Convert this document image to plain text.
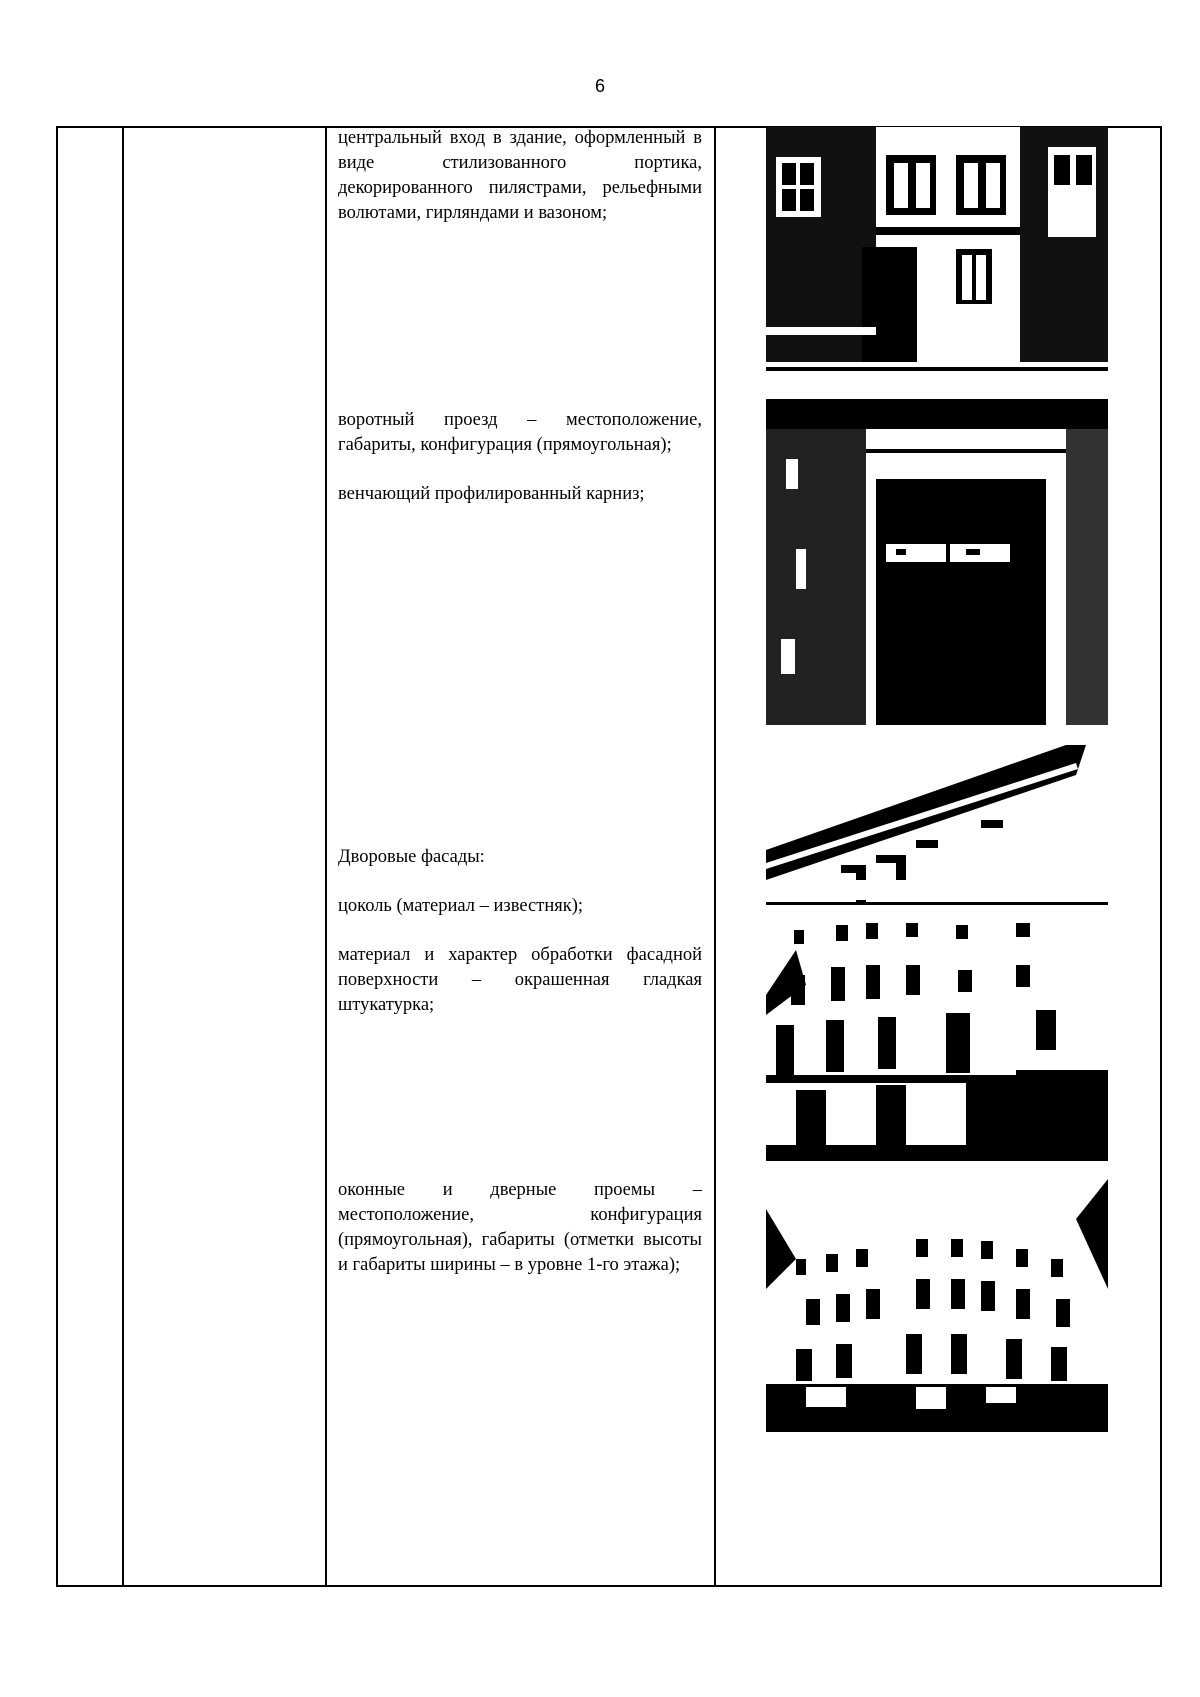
6

центральный вход в здание, оформленный в виде стилизованного портика, декорированного пилястрами, рельефными волютами, гирляндами и вазоном;

воротный проезд – местоположение, габариты, конфигурация (прямоугольная);

венчающий профилированный карниз;

Дворовые фасады:

цоколь (материал – известняк);

материал и характер обработки фасадной поверхности – окрашенная гладкая штукатурка;

оконные и дверные проемы – местоположение, конфигурация (прямоугольная), габариты (отметки высоты и габариты ширины – в уровне 1-го этажа);
